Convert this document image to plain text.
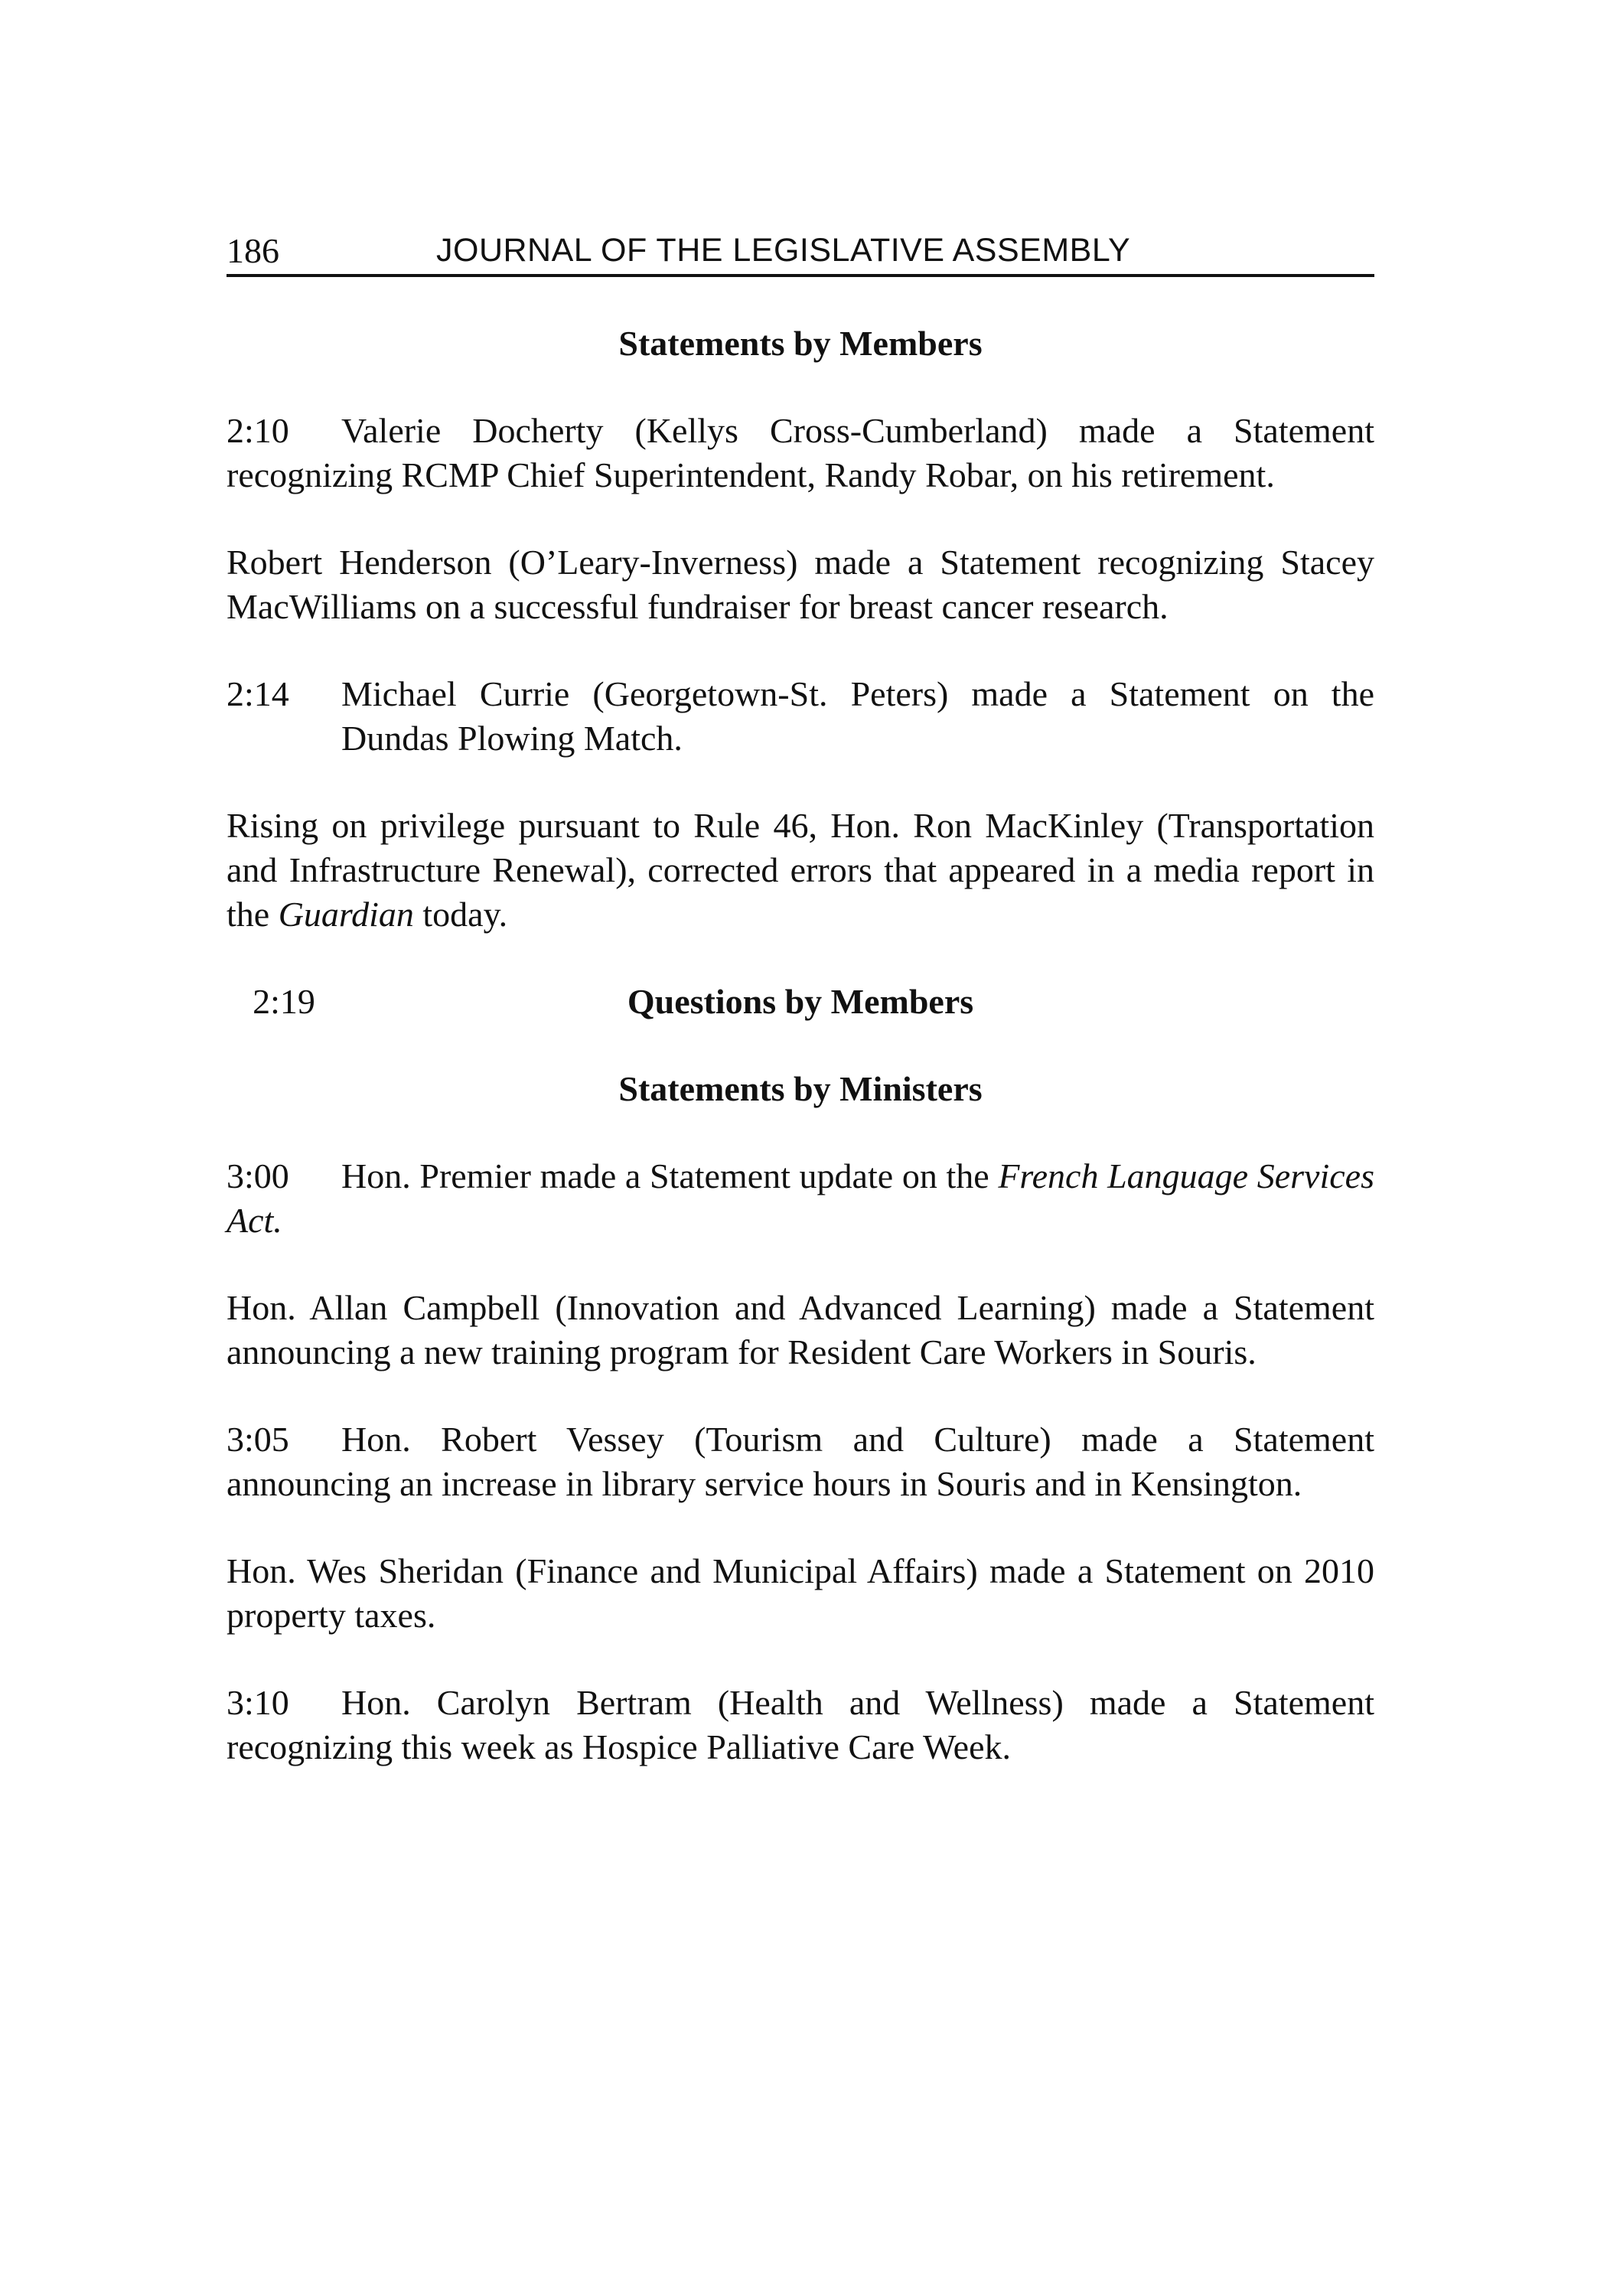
186	JOURNAL OF THE LEGISLATIVE ASSEMBLY
Statements by Members

2:10 Valerie Docherty (Kellys Cross-Cumberland) made a Statement recognizing RCMP Chief Superintendent, Randy Robar, on his retirement.

Robert Henderson (O’Leary-Inverness) made a Statement recognizing Stacey MacWilliams on a successful fundraiser for breast cancer research.

2:14	Michael Currie (Georgetown-St. Peters) made a Statement on the Dundas Plowing Match.

Rising on privilege pursuant to Rule 46, Hon. Ron MacKinley (Transportation and Infrastructure Renewal), corrected errors that appeared in a media report in the Guardian today.

2:19	Questions by Members
Statements by Ministers

3:00 Hon. Premier made a Statement update on the French Language Services Act.

Hon. Allan Campbell (Innovation and Advanced Learning) made a Statement announcing a new training program for Resident Care Workers in Souris.

3:05 Hon. Robert Vessey (Tourism and Culture) made a Statement announcing an increase in library service hours in Souris and in Kensington.

Hon. Wes Sheridan (Finance and Municipal Affairs) made a Statement on 2010 property taxes.

3:10 Hon. Carolyn Bertram (Health and Wellness) made a Statement recognizing this week as Hospice Palliative Care Week.
